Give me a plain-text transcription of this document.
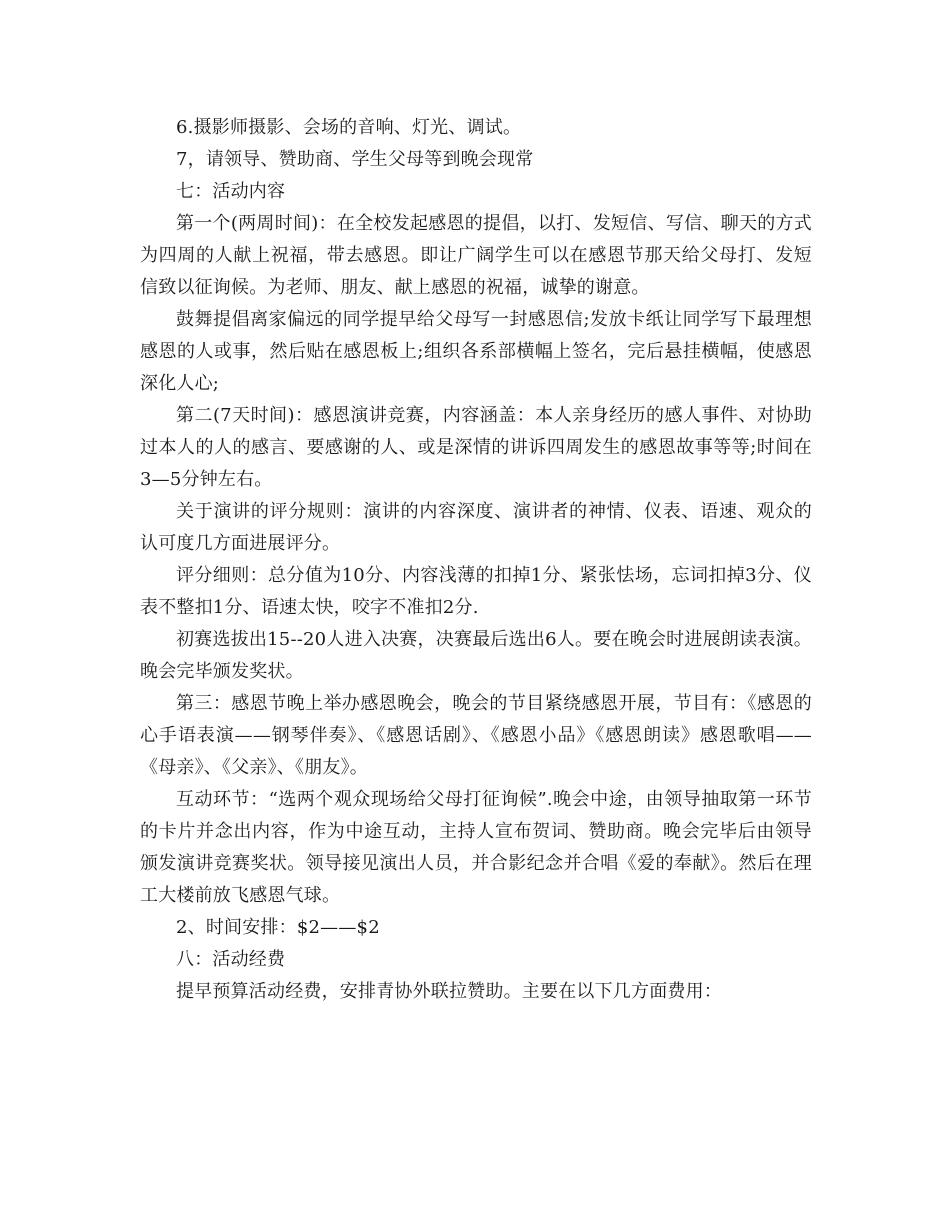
6.摄影师摄影、会场的音响、灯光、调试。

7，请领导、赞助商、学生父母等到晚会现常

七：活动内容

第一个(两周时间)：在全校发起感恩的提倡，以打、发短信、写信、聊天的方式为四周的人献上祝福，带去感恩。即让广阔学生可以在感恩节那天给父母打、发短信致以征询候。为老师、朋友、献上感恩的祝福，诚挚的谢意。

鼓舞提倡离家偏远的同学提早给父母写一封感恩信;发放卡纸让同学写下最理想感恩的人或事，然后贴在感恩板上;组织各系部横幅上签名，完后悬挂横幅，使感恩深化人心;

第二(7天时间)：感恩演讲竞赛，内容涵盖：本人亲身经历的感人事件、对协助过本人的人的感言、要感谢的人、或是深情的讲诉四周发生的感恩故事等等;时间在3—5分钟左右。

关于演讲的评分规则：演讲的内容深度、演讲者的神情、仪表、语速、观众的认可度几方面进展评分。

评分细则：总分值为10分、内容浅薄的扣掉1分、紧张怯场，忘词扣掉3分、仪表不整扣1分、语速太快，咬字不准扣2分.

初赛选拔出15--20人进入决赛，决赛最后选出6人。要在晚会时进展朗读表演。晚会完毕颁发奖状。

第三：感恩节晚上举办感恩晚会，晚会的节目紧绕感恩开展，节目有：《感恩的心手语表演——钢琴伴奏》、《感恩话剧》、《感恩小品》《感恩朗读》感恩歌唱——《母亲》、《父亲》、《朋友》。

互动环节：“选两个观众现场给父母打征询候”.晚会中途，由领导抽取第一环节的卡片并念出内容，作为中途互动，主持人宣布贺词、赞助商。晚会完毕后由领导颁发演讲竞赛奖状。领导接见演出人员，并合影纪念并合唱《爱的奉献》。然后在理工大楼前放飞感恩气球。

2、时间安排：$2——$2

八：活动经费

提早预算活动经费，安排青协外联拉赞助。主要在以下几方面费用：
